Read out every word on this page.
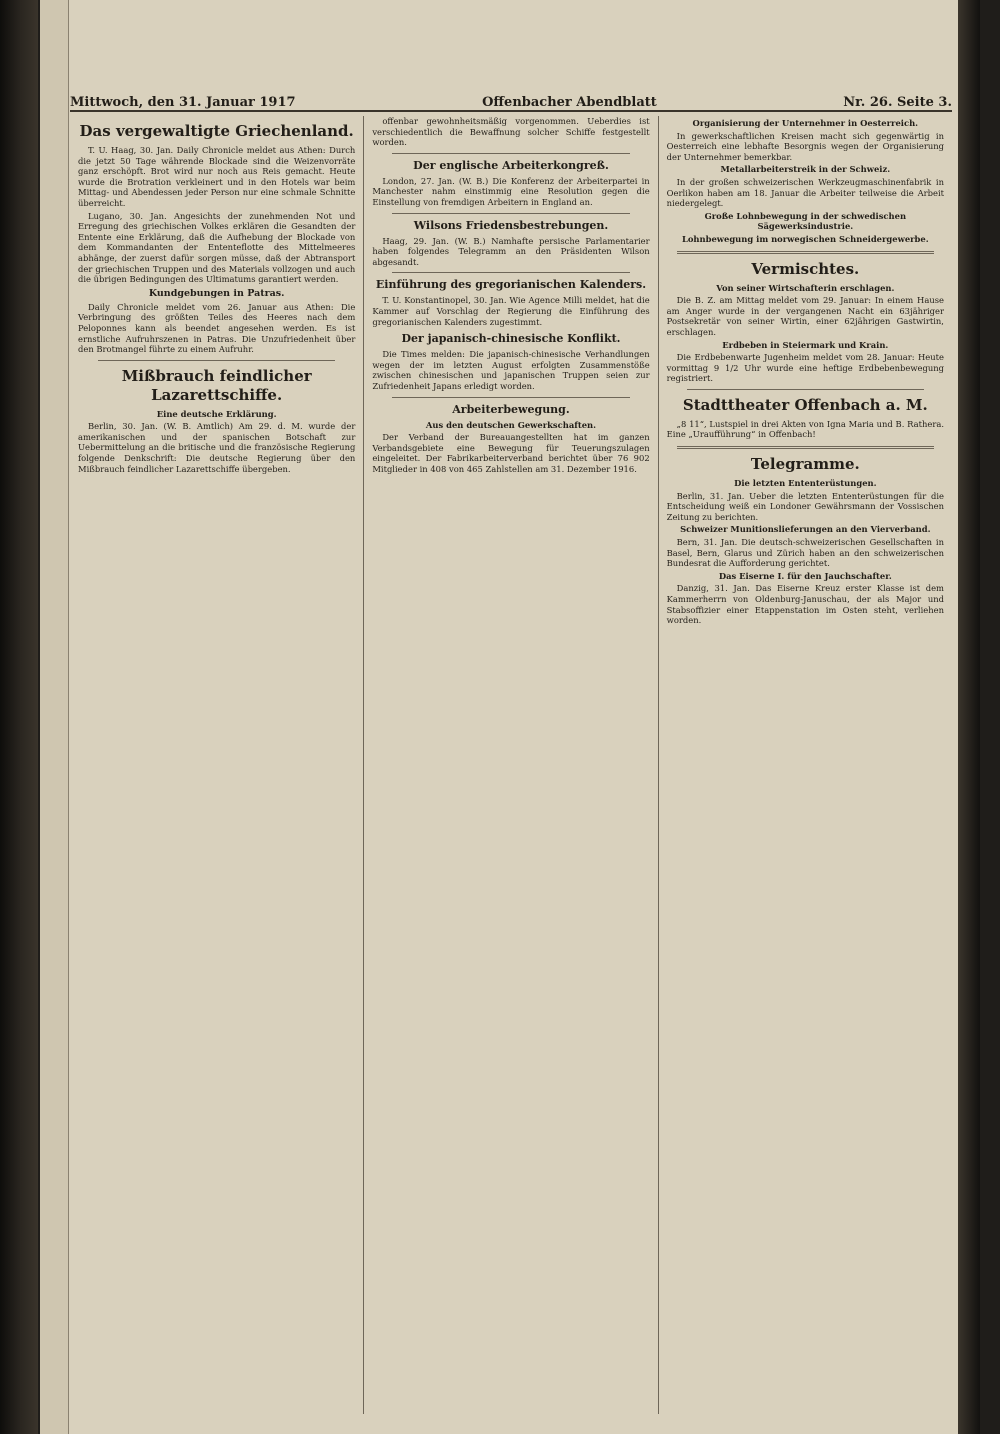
Mittwoch, den 31. Januar 1917	Offenbacher Abendblatt	Nr. 26. Seite 3.
Das vergewaltigte Griechenland.

T. U. Haag, 30. Jan. Daily Chronicle meldet aus Athen: Durch die jetzt 50 Tage währende Blockade sind die Weizenvorräte ganz erschöpft. Brot wird nur noch aus Reis gemacht. Heute wurde die Brotration verkleinert und in den Hotels war beim Mittag- und Abendessen jeder Person nur eine schmale Schnitte überreicht.

Lugano, 30. Jan. Angesichts der zunehmenden Not und Erregung des griechischen Volkes erklären die Gesandten der Entente eine Erklärung, daß die Aufhebung der Blockade von dem Kommandanten der Ententeflotte des Mittelmeeres abhänge, der zuerst dafür sorgen müsse, daß der Abtransport der griechischen Truppen und des Materials vollzogen und auch die übrigen Bedingungen des Ultimatums garantiert werden.

Kundgebungen in Patras.

Daily Chronicle meldet vom 26. Januar aus Athen: Die Verbringung des größten Teiles des Heeres nach dem Peloponnes kann als beendet angesehen werden. Es ist ernstliche Aufruhrszenen in Patras. Die Unzufriedenheit über den Brotmangel führte zu einem Aufruhr.

Mißbrauch feindlicher Lazarettschiffe.
Eine deutsche Erklärung.

Berlin, 30. Jan. (W. B. Amtlich) Am 29. d. M. wurde der amerikanischen und der spanischen Botschaft zur Uebermittelung an die britische und die französische Regierung folgende Denkschrift: Die deutsche Regierung über den Mißbrauch feindlicher Lazarettschiffe übergeben.

offenbar gewohnheitsmäßig vorgenommen. Ueberdies ist verschiedentlich die Bewaffnung solcher Schiffe festgestellt worden.

Der englische Arbeiterkongreß.

London, 27. Jan. (W. B.) Die Konferenz der Arbeiterpartei in Manchester nahm einstimmig eine Resolution gegen die Einstellung von fremdigen Arbeitern in England an.

Wilsons Friedensbestrebungen.

Haag, 29. Jan. (W. B.) Namhafte persische Parlamentarier haben folgendes Telegramm an den Präsidenten Wilson abgesandt.

Einführung des gregorianischen Kalenders.

T. U. Konstantinopel, 30. Jan. Wie Agence Milli meldet, hat die Kammer auf Vorschlag der Regierung die Einführung des gregorianischen Kalenders zugestimmt.

Der japanisch-chinesische Konflikt.

Die Times melden: Die japanisch-chinesische Verhandlungen wegen der im letzten August erfolgten Zusammenstöße zwischen chinesischen und japanischen Truppen seien zur Zufriedenheit Japans erledigt worden.

Arbeiterbewegung.
Aus den deutschen Gewerkschaften.

Der Verband der Bureauangestellten hat im ganzen Verbandsgebiete eine Bewegung für Teuerungszulagen eingeleitet. Der Fabrikarbeiterverband berichtet über 76 902 Mitglieder in 408 von 465 Zahlstellen am 31. Dezember 1916.

Organisierung der Unternehmer in Oesterreich.

In gewerkschaftlichen Kreisen macht sich gegenwärtig in Oesterreich eine lebhafte Besorgnis wegen der Organisierung der Unternehmer bemerkbar.

Metallarbeiterstreik in der Schweiz.

In der großen schweizerischen Werkzeugmaschinenfabrik in Oerlikon haben am 18. Januar die Arbeiter teilweise die Arbeit niedergelegt.

Große Lohnbewegung in der schwedischen Sägewerksindustrie.
Lohnbewegung im norwegischen Schneidergewerbe.
Vermischtes.
Von seiner Wirtschafterin erschlagen.

Die B. Z. am Mittag meldet vom 29. Januar: In einem Hause am Anger wurde in der vergangenen Nacht ein 63jähriger Postsekretär von seiner Wirtin, einer 62jährigen Gastwirtin, erschlagen.

Erdbeben in Steiermark und Krain.

Die Erdbebenwarte Jugenheim meldet vom 28. Januar: Heute vormittag 9 1/2 Uhr wurde eine heftige Erdbebenbewegung registriert.

Stadttheater Offenbach a. M.

„8 11“, Lustspiel in drei Akten von Igna Maria und B. Rathera. Eine „Uraufführung“ in Offenbach!

Telegramme.
Die letzten Ententerüstungen.

Berlin, 31. Jan. Ueber die letzten Ententerüstungen für die Entscheidung weiß ein Londoner Gewährsmann der Vossischen Zeitung zu berichten.

Schweizer Munitionslieferungen an den Vierverband.

Bern, 31. Jan. Die deutsch-schweizerischen Gesellschaften in Basel, Bern, Glarus und Zürich haben an den schweizerischen Bundesrat die Aufforderung gerichtet.

Das Eiserne I. für den Jauchschafter.

Danzig, 31. Jan. Das Eiserne Kreuz erster Klasse ist dem Kammerherrn von Oldenburg-Januschau, der als Major und Stabsoffizier einer Etappenstation im Osten steht, verliehen worden.
